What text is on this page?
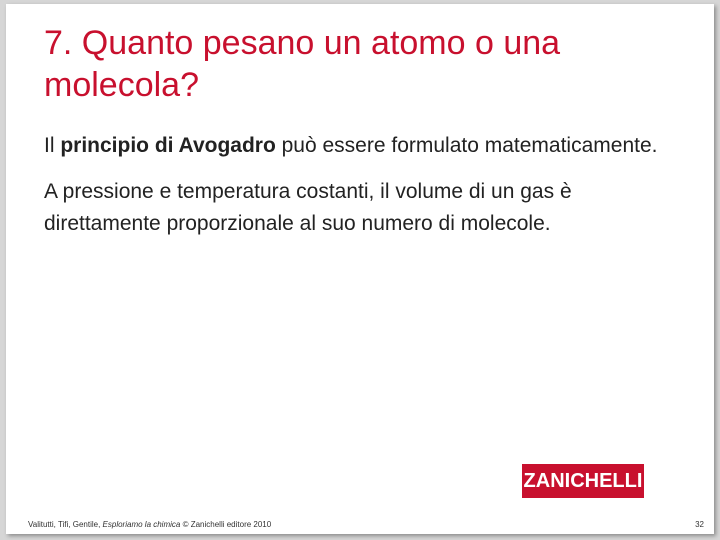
7. Quanto pesano un atomo o una molecola?

Il principio di Avogadro può essere formulato matematicamente.

A pressione e temperatura costanti, il volume di un gas è direttamente proporzionale al suo numero di molecole.

ZANICHELLI
Valitutti, Tifi, Gentile, Esploriamo la chimica © Zanichelli editore 2010	32
